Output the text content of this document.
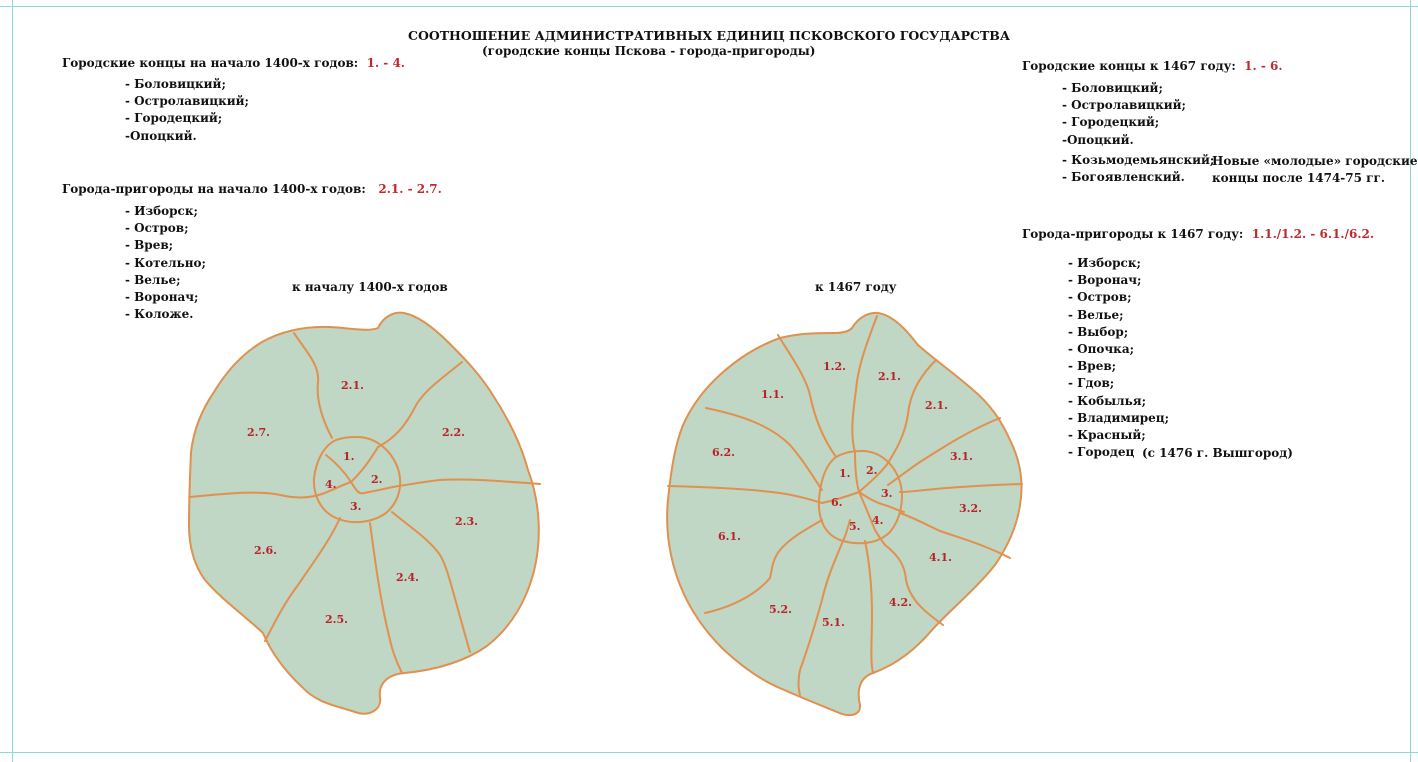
СООТНОШЕНИЕ АДМИНИСТРАТИВНЫХ ЕДИНИЦ ПСКОВСКОГО ГОСУДАРСТВА
(городские концы Пскова - города-пригороды)
Городские концы на начало 1400-х годов: 1. - 4.
- Боловицкий;
- Остролавицкий;
- Городецкий;
-Опоцкий.
Города-пригороды на начало 1400-х годов: 2.1. - 2.7.
- Изборск;
- Остров;
- Врев;
- Котельно;
- Велье;
- Воронач;
- Коложе.
к началу 1400-х годов
Городские концы к 1467 году: 1. - 6.
- Боловицкий;
- Остролавицкий;
- Городецкий;
-Опоцкий.
- Козьмодемьянский;
- Богоявленский.
Новые «молодые» городские
концы после 1474-75 гг.
Города-пригороды к 1467 году: 1.1./1.2. - 6.1./6.2.
- Изборск;
- Воронач;
- Остров;
- Велье;
- Выбор;
- Опочка;
- Врев;
- Гдов;
- Кобылья;
- Владимирец;
- Красный;
- Городец (с 1476 г. Вышгород)
к 1467 году
1.
2.
3.
4.
2.1.
2.2.
2.3.
2.4.
2.5.
2.6.
2.7.
1. 2.
3.
4.
5.
6.
1.1.
1.2.
2.1.
2.1.
3.1.
3.2.
4.1.
4.2.
5.1.
5.2.
6.1.
6.2.
